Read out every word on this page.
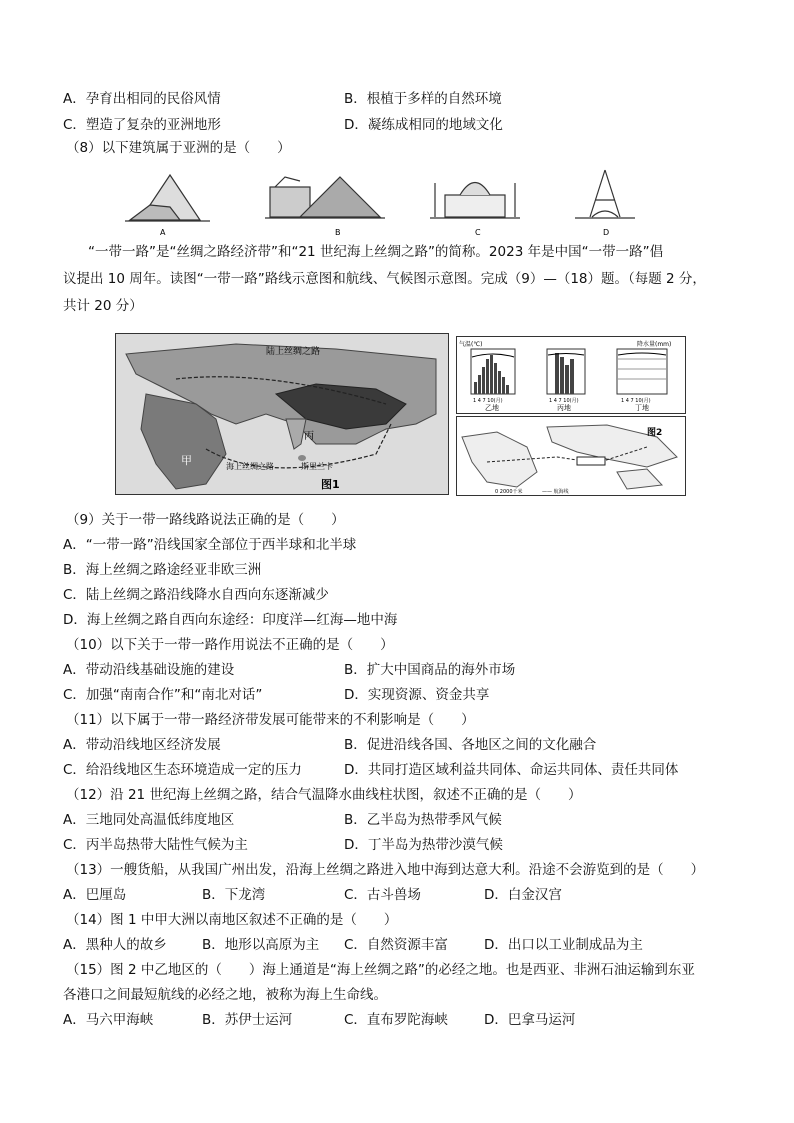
A．孕育出相同的民俗风情	B．根植于多样的自然环境
C．塑造了复杂的亚洲地形	D．凝练成相同的地域文化
（8）以下建筑属于亚洲的是（　　）
A	B	C	D
“一带一路”是“丝绸之路经济带”和“21 世纪海上丝绸之路”的简称。2023 年是中国“一带一路”倡
议提出 10 周年。读图“一带一路”路线示意图和航线、气候图示意图。完成（9）—（18）题。（每题 2 分，
共计 20 分）
陆上丝绸之路
海上丝绸之路	斯里兰卡
甲
丙
图1
气温(℃)
1 4 7 10(月)
乙地
1 4 7 10(月)
丙地
降水量(mm)
1 4 7 10(月)
丁地
图2
0 2000千米	—— 航海线
（9）关于一带一路线路说法正确的是（　　）
A．“一带一路”沿线国家全部位于西半球和北半球
B．海上丝绸之路途经亚非欧三洲
C．陆上丝绸之路沿线降水自西向东逐渐减少
D．海上丝绸之路自西向东途经：印度洋—红海—地中海
（10）以下关于一带一路作用说法不正确的是（　　）
A．带动沿线基础设施的建设	B．扩大中国商品的海外市场
C．加强“南南合作”和“南北对话”	D．实现资源、资金共享
（11）以下属于一带一路经济带发展可能带来的不利影响是（　　）
A．带动沿线地区经济发展	B．促进沿线各国、各地区之间的文化融合
C．给沿线地区生态环境造成一定的压力	D．共同打造区域利益共同体、命运共同体、责任共同体
（12）沿 21 世纪海上丝绸之路，结合气温降水曲线柱状图，叙述不正确的是（　　）
A．三地同处高温低纬度地区	B．乙半岛为热带季风气候
C．丙半岛热带大陆性气候为主	D．丁半岛为热带沙漠气候
（13）一艘货船，从我国广州出发，沿海上丝绸之路进入地中海到达意大利。沿途不会游览到的是（　　）
A．巴厘岛	B．下龙湾	C．古斗兽场	D．白金汉宫
（14）图 1 中甲大洲以南地区叙述不正确的是（　　）
A．黑种人的故乡	B．地形以高原为主 C．自然资源丰富	D．出口以工业制成品为主
（15）图 2 中乙地区的（　　）海上通道是“海上丝绸之路”的必经之地。也是西亚、非洲石油运输到东亚
各港口之间最短航线的必经之地，被称为海上生命线。
A．马六甲海峡	B．苏伊士运河	C．直布罗陀海峡	D．巴拿马运河
